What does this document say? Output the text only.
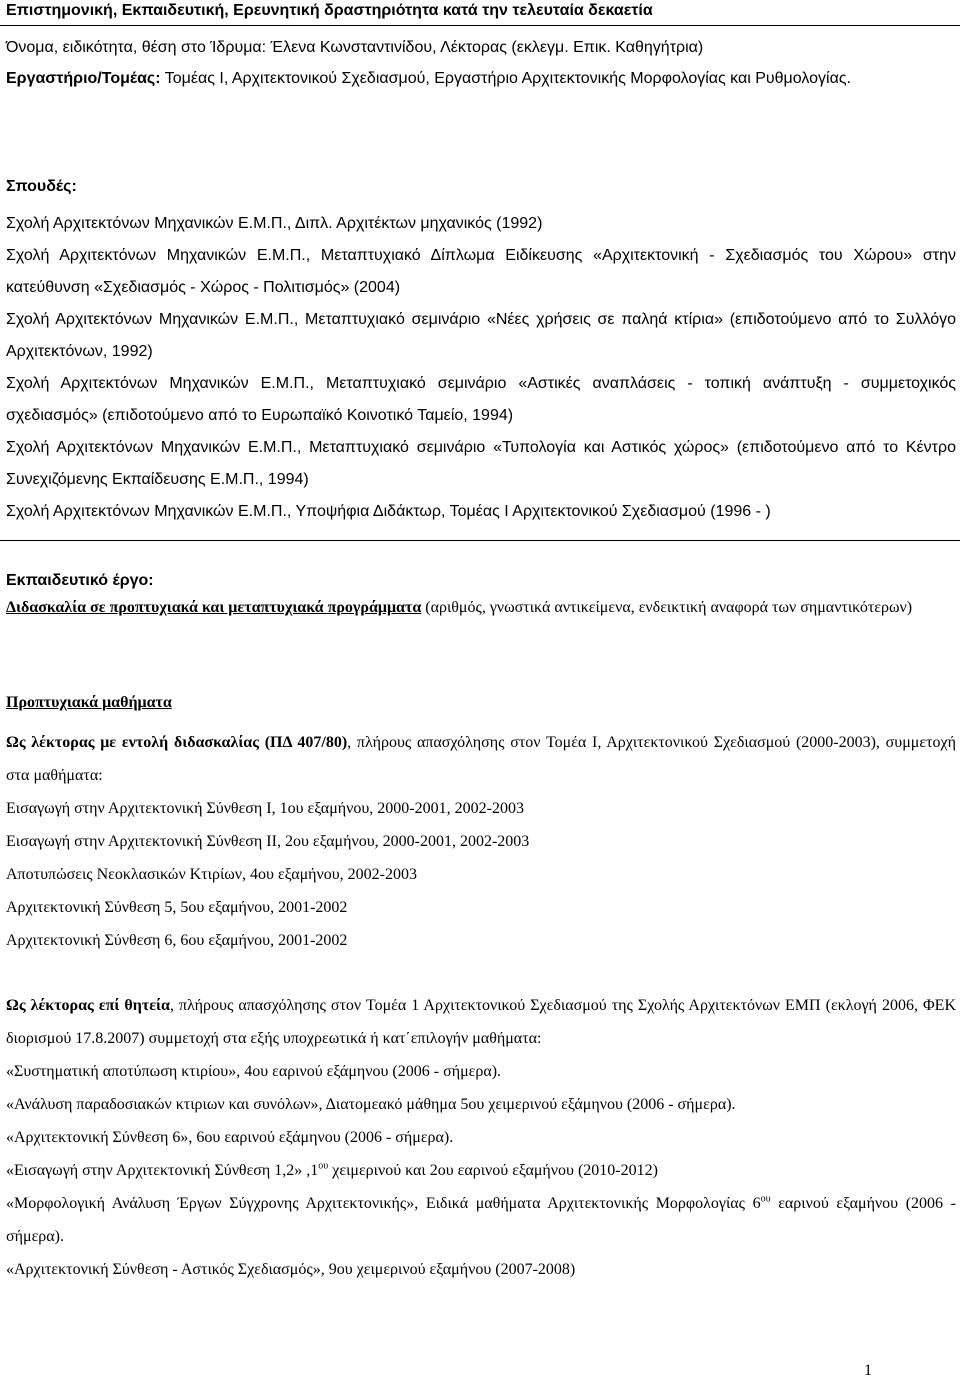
Επιστημονική, Εκπαιδευτική, Ερευνητική δραστηριότητα κατά την τελευταία δεκαετία

Όνομα, ειδικότητα, θέση στο Ίδρυμα: Έλενα Κωνσταντινίδου, Λέκτορας (εκλεγμ. Επικ. Καθηγήτρια)

Εργαστήριο/Τομέας: Τομέας Ι, Αρχιτεκτονικού Σχεδιασμού, Εργαστήριο Αρχιτεκτονικής Μορφολογίας και Ρυθμολογίας.

Σπουδές:

Σχολή Αρχιτεκτόνων Μηχανικών Ε.Μ.Π., Διπλ. Αρχιτέκτων μηχανικός (1992)

Σχολή Αρχιτεκτόνων Μηχανικών Ε.Μ.Π., Μεταπτυχιακό Δίπλωμα Ειδίκευσης «Αρχιτεκτονική - Σχεδιασμός του Χώρου» στην κατεύθυνση «Σχεδιασμός - Χώρος - Πολιτισμός» (2004)

Σχολή Αρχιτεκτόνων Μηχανικών Ε.Μ.Π., Μεταπτυχιακό σεμινάριο «Νέες χρήσεις σε παληά κτίρια» (επιδοτούμενο από το Συλλόγο Αρχιτεκτόνων, 1992)

Σχολή Αρχιτεκτόνων Μηχανικών Ε.Μ.Π., Μεταπτυχιακό σεμινάριο «Αστικές αναπλάσεις - τοπική ανάπτυξη - συμμετοχικός σχεδιασμός» (επιδοτούμενο από το Ευρωπαϊκό Κοινοτικό Ταμείο, 1994)

Σχολή Αρχιτεκτόνων Μηχανικών Ε.Μ.Π., Μεταπτυχιακό σεμινάριο «Τυπολογία και Αστικός χώρος» (επιδοτούμενο από το Κέντρο Συνεχιζόμενης Εκπαίδευσης Ε.Μ.Π., 1994)

Σχολή Αρχιτεκτόνων Μηχανικών Ε.Μ.Π., Υποψήφια Διδάκτωρ, Τομέας Ι Αρχιτεκτονικού Σχεδιασμού (1996 - )

Εκπαιδευτικό έργο:

Διδασκαλία σε προπτυχιακά και μεταπτυχιακά προγράμματα (αριθμός, γνωστικά αντικείμενα, ενδεικτική αναφορά των σημαντικότερων)

Προπτυχιακά μαθήματα

Ως λέκτορας με εντολή διδασκαλίας (ΠΔ 407/80), πλήρους απασχόλησης στον Τομέα Ι, Αρχιτεκτονικού Σχεδιασμού (2000-2003), συμμετοχή στα μαθήματα:

Εισαγωγή στην Αρχιτεκτονική Σύνθεση Ι, 1ου εξαμήνου, 2000-2001, 2002-2003

Εισαγωγή στην Αρχιτεκτονική Σύνθεση ΙΙ, 2ου εξαμήνου, 2000-2001, 2002-2003

Αποτυπώσεις Νεοκλασικών Κτιρίων, 4ου εξαμήνου, 2002-2003

Αρχιτεκτονική Σύνθεση 5, 5ου εξαμήνου, 2001-2002

Αρχιτεκτονική Σύνθεση 6, 6ου εξαμήνου, 2001-2002

Ως λέκτορας επί θητεία, πλήρους απασχόλησης στον Τομέα 1 Αρχιτεκτονικού Σχεδιασμού της Σχολής Αρχιτεκτόνων ΕΜΠ (εκλογή 2006, ΦΕΚ διορισμού 17.8.2007) συμμετοχή στα εξής υποχρεωτικά ή κατ΄επιλογήν μαθήματα:

«Συστηματική αποτύπωση κτιρίου», 4ου εαρινού εξάμηνου (2006 - σήμερα).

«Ανάλυση παραδοσιακών κτιριων και συνόλων», Διατομεακό μάθημα 5ου χειμερινού εξάμηνου (2006 - σήμερα).

«Αρχιτεκτονική Σύνθεση 6», 6ου εαρινού εξάμηνου (2006 - σήμερα).

«Εισαγωγή στην Αρχιτεκτονική Σύνθεση 1,2» $,1^{o\upsilon}$ χειμερινού και 2ου εαρινού εξαμήνου (2010-2012)

«Μορφολογική Ανάλυση Έργων Σύγχρονης Αρχιτεκτονικής», Ειδικά μαθήματα Αρχιτεκτονικής Μορφολογίας $6^{o\upsilon}$ εαρινού εξαμήνου (2006 - σήμερα).

«Αρχιτεκτονική Σύνθεση - Αστικός Σχεδιασμός», 9ου χειμερινού εξαμήνου (2007-2008)

1
